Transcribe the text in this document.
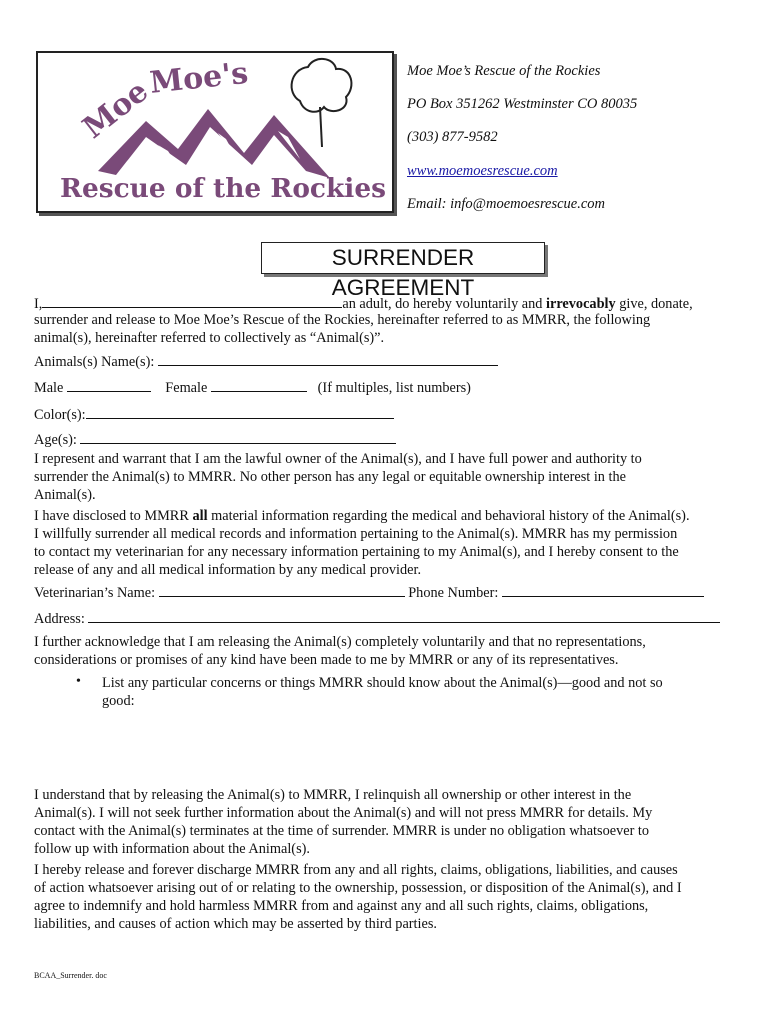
Moe
Moe's
Rescue of the Rockies
Moe Moe’s Rescue of the Rockies
PO Box 351262 Westminster CO 80035
(303) 877-9582
www.moemoesrescue.com
Email: info@moemoesrescue.com
SURRENDER AGREEMENT
I,	an adult, do hereby voluntarily and irrevocably give, donate,
surrender and release to Moe Moe’s Rescue of the Rockies, hereinafter referred to as MMRR, the following
animal(s), hereinafter referred to collectively as “Animal(s)”.
Animals(s) Name(s):
Male	Female	(If multiples, list numbers)
Color(s):
Age(s):
I represent and warrant that I am the lawful owner of the Animal(s), and I have full power and authority to
surrender the Animal(s) to MMRR. No other person has any legal or equitable ownership interest in the
Animal(s).
I have disclosed to MMRR all material information regarding the medical and behavioral history of the Animal(s).
I willfully surrender all medical records and information pertaining to the Animal(s). MMRR has my permission
to contact my veterinarian for any necessary information pertaining to my Animal(s), and I hereby consent to the
release of any and all medical information by any medical provider.
Veterinarian’s Name:	Phone Number:
Address:
I further acknowledge that I am releasing the Animal(s) completely voluntarily and that no representations,
considerations or promises of any kind have been made to me by MMRR or any of its representatives.
• List any particular concerns or things MMRR should know about the Animal(s)—good and not so
good:
I understand that by releasing the Animal(s) to MMRR, I relinquish all ownership or other interest in the
Animal(s). I will not seek further information about the Animal(s) and will not press MMRR for details. My
contact with the Animal(s) terminates at the time of surrender. MMRR is under no obligation whatsoever to
follow up with information about the Animal(s).
I hereby release and forever discharge MMRR from any and all rights, claims, obligations, liabilities, and causes
of action whatsoever arising out of or relating to the ownership, possession, or disposition of the Animal(s), and I
agree to indemnify and hold harmless MMRR from and against any and all such rights, claims, obligations,
liabilities, and causes of action which may be asserted by third parties.
BCAA_Surrender. doc
